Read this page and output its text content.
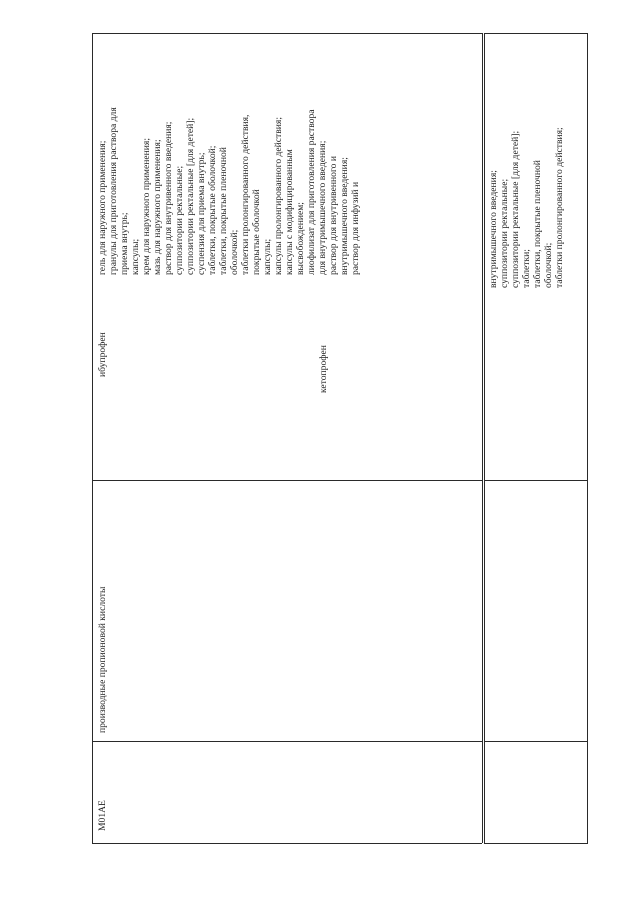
M01AE
производные пропионовой кислоты
ибупрофен	кетопрофен
гель для наружного применения; гранулы для приготовления раствора для приема внутрь; капсулы; крем для наружного применения; мазь для наружного применения; раствор для внутривенного введения; суппозитории ректальные; суппозитории ректальные [для детей]; суспензия для приема внутрь; таблетки, покрытые оболочкой; таблетки, покрытые пленочной оболочкой; таблетки пролонгированного действия, покрытые оболочкой капсулы; капсулы пролонгированного действия; капсулы с модифицированным высвобождением; лиофилизат для приготовления раствора для внутримышечного введения; раствор для внутривенного и внутримышечного введения; раствор для инфузий и	внутримышечного введения; суппозитории ректальные; суппозитории ректальные [для детей]; таблетки; таблетки, покрытые пленочной оболочкой; таблетки пролонгированного действия;
